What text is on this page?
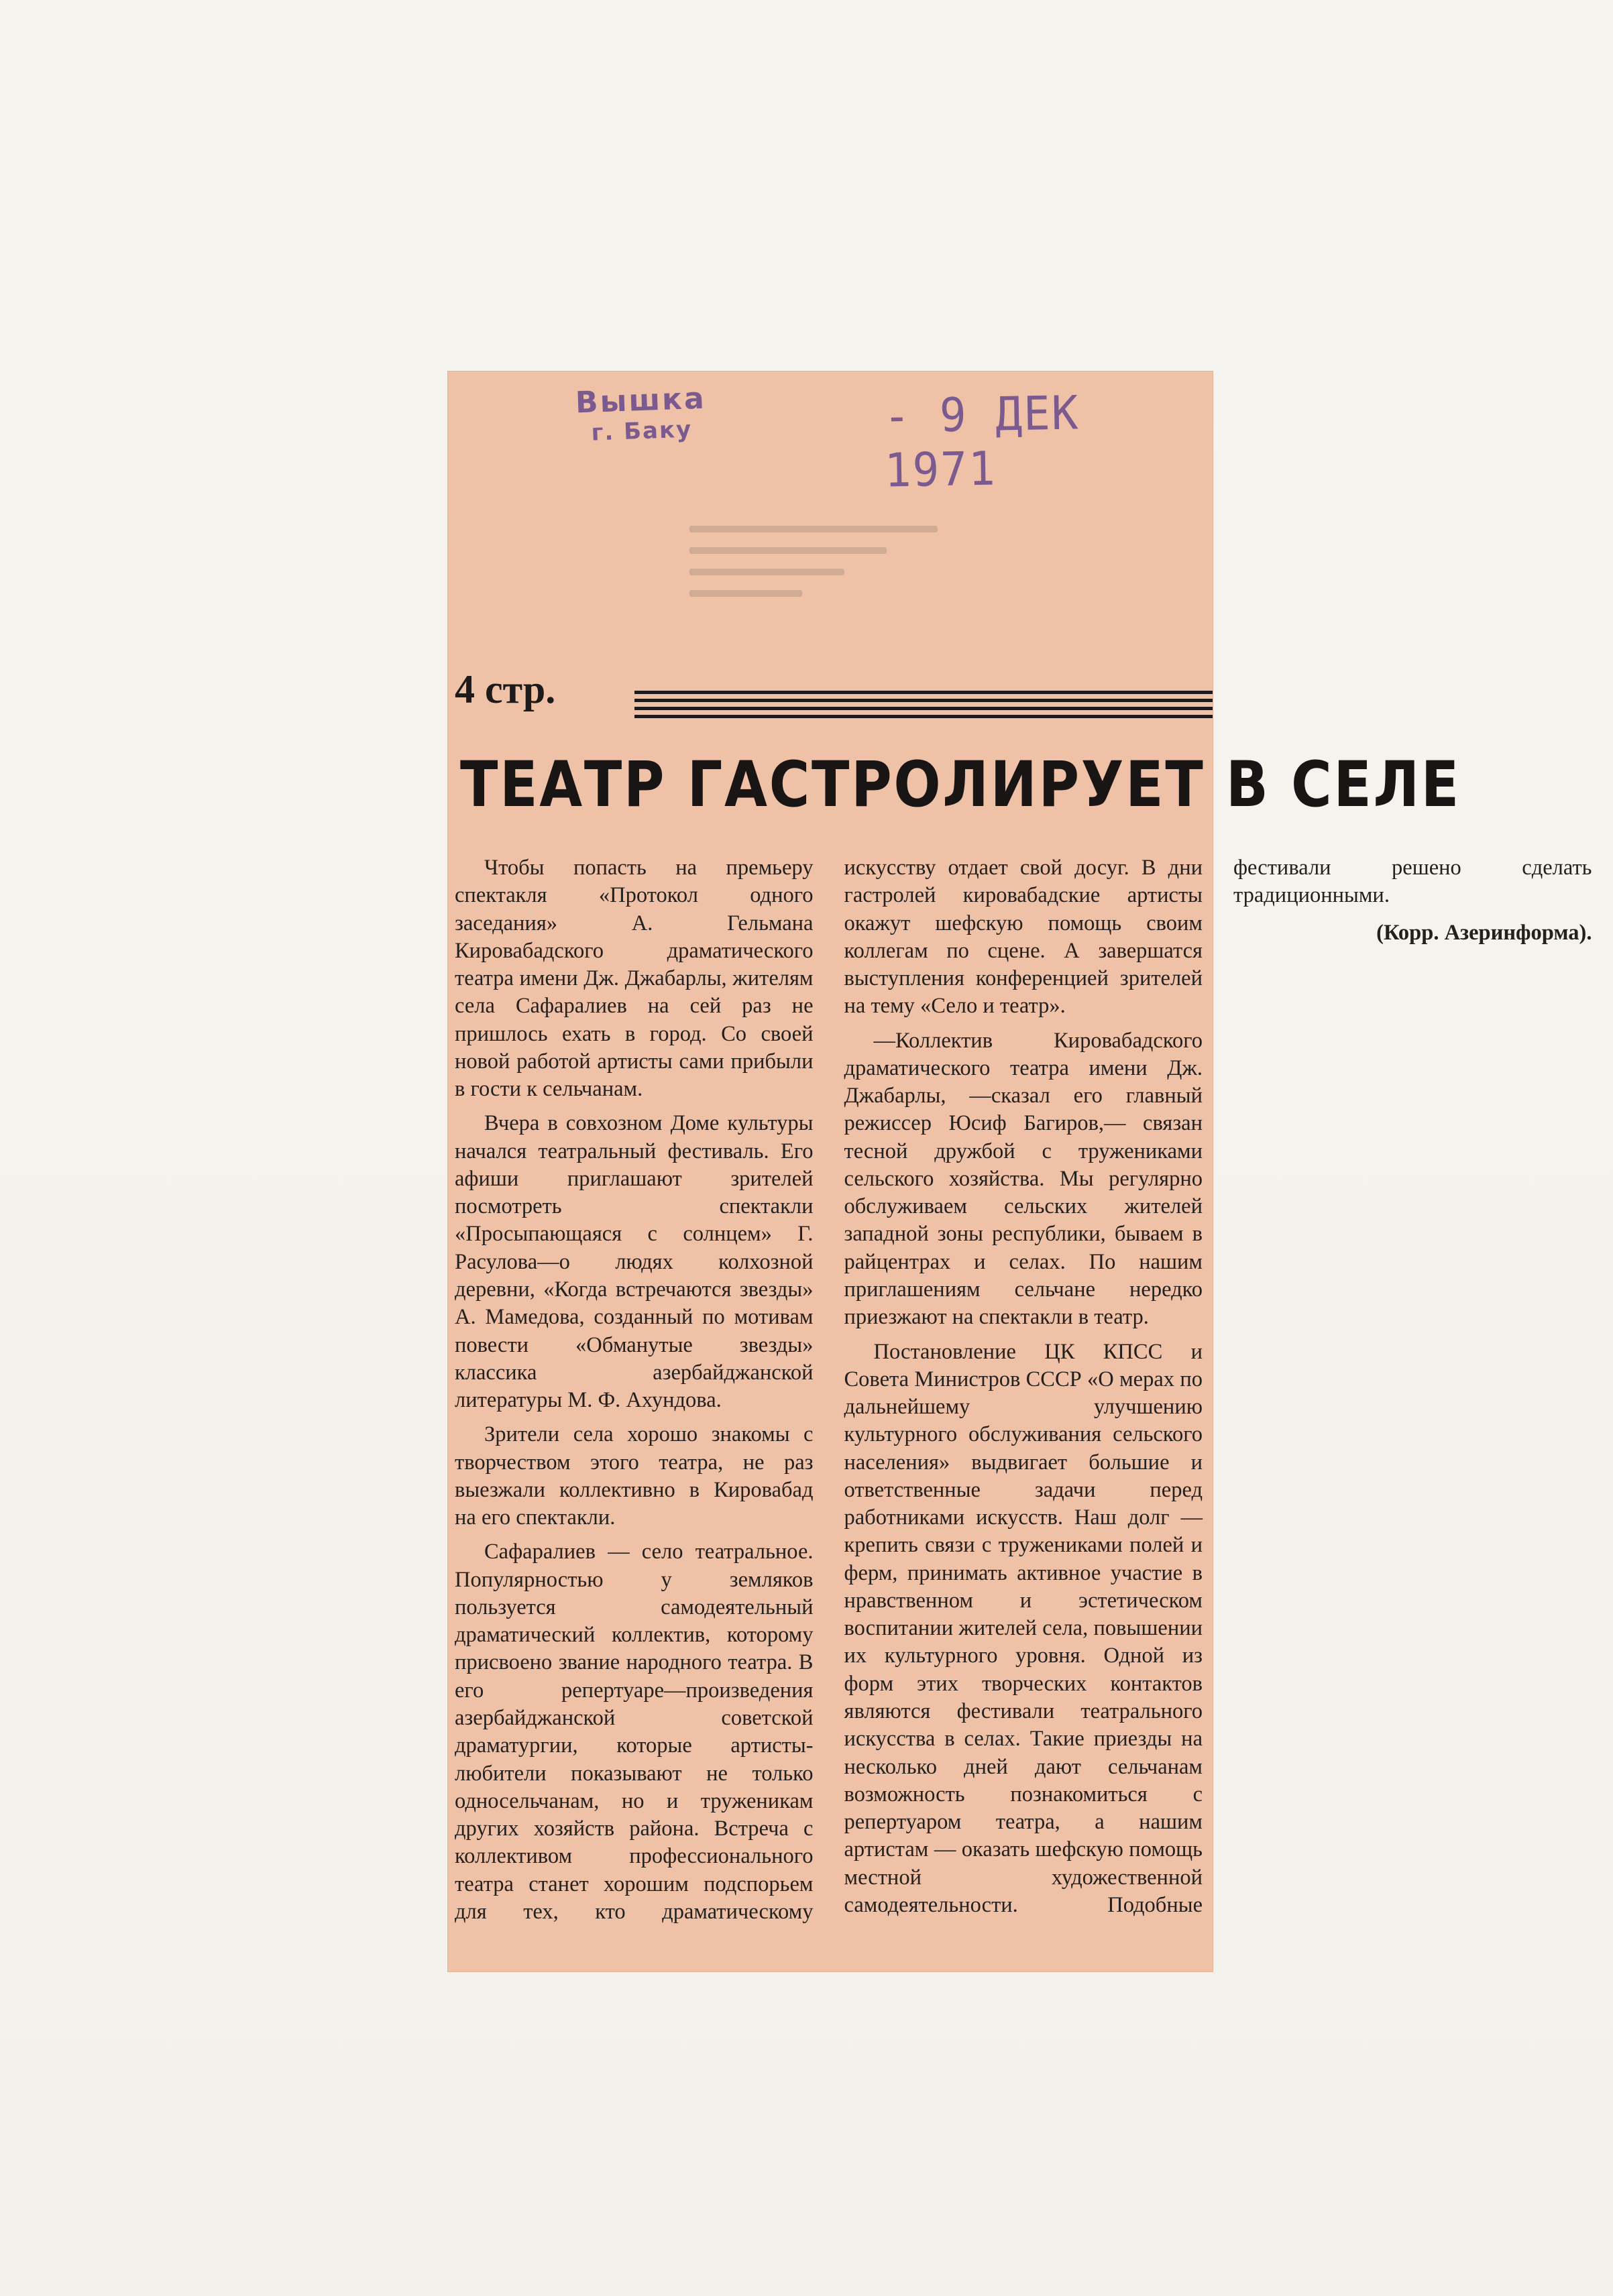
Вышка
г. Баку	- 9 ДЕК 1971
4 стр.
ТЕАТР ГАСТРОЛИРУЕТ В СЕЛЕ

Чтобы попасть на премьеру спектакля «Протокол одного заседания» А. Гельмана Кировабадского драматического театра имени Дж. Джабарлы, жителям села Сафаралиев на сей раз не пришлось ехать в город. Со своей новой работой артисты сами прибыли в гости к сельчанам.

Вчера в совхозном Доме культуры начался театральный фестиваль. Его афиши приглашают зрителей посмотреть спектакли «Просыпающаяся с солнцем» Г. Расулова—о людях колхозной деревни, «Когда встречаются звезды» А. Мамедова, созданный по мотивам повести «Обманутые звезды» классика азербайджанской литературы М. Ф. Ахундова.

Зрители села хорошо знакомы с творчеством этого театра, не раз выезжали коллективно в Кировабад на его спектакли.

Сафаралиев — село театральное. Популярностью у земляков пользуется самодеятельный драматический коллектив, которому присвоено звание народного театра. В его репертуаре—произведения азербайджанской советской драматургии, которые артисты-любители показывают не только односельчанам, но и труженикам других хозяйств района. Встреча с коллективом профессионального театра станет хорошим подспорьем для тех, кто драматическому искусству отдает свой досуг. В дни гастролей кировабадские артисты окажут шефскую помощь своим коллегам по сцене. А завершатся выступления конференцией зрителей на тему «Село и театр».

—Коллектив Кировабадского драматического театра имени Дж. Джабарлы, —сказал его главный режиссер Юсиф Багиров,— связан тесной дружбой с тружениками сельского хозяйства. Мы регулярно обслуживаем сельских жителей западной зоны республики, бываем в райцентрах и селах. По нашим приглашениям сельчане нередко приезжают на спектакли в театр.

Постановление ЦК КПСС и Совета Министров СССР «О мерах по дальнейшему улучшению культурного обслуживания сельского населения» выдвигает большие и ответственные задачи перед работниками искусств. Наш долг — крепить связи с тружениками полей и ферм, принимать активное участие в нравственном и эстетическом воспитании жителей села, повышении их культурного уровня. Одной из форм этих творческих контактов являются фестивали театрального искусства в селах. Такие приезды на несколько дней дают сельчанам возможность познакомиться с репертуаром театра, а нашим артистам — оказать шефскую помощь местной художественной самодеятельности. Подобные фестивали решено сделать традиционными.

(Корр. Азеринформа).
